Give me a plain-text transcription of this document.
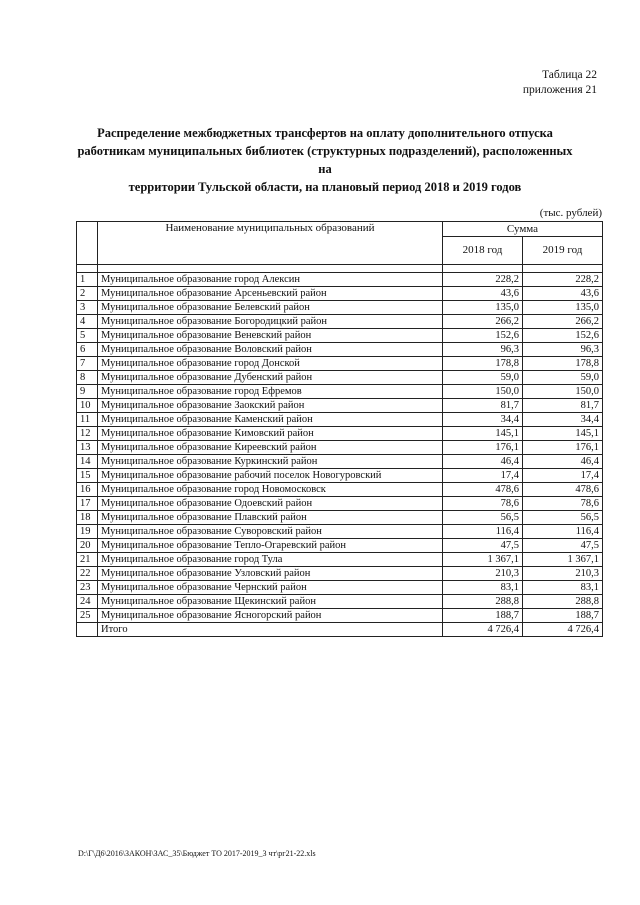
Таблица 22
приложения 21
Распределение межбюджетных трансфертов на оплату дополнительного отпуска
работникам муниципальных библиотек (структурных подразделений), расположенных на
территории Тульской области, на плановый период 2018 и 2019 годов
(тыс. рублей)
	Наименование муниципальных образований	Сумма	
		2018 год	2019 год

1	Муниципальное образование город Алексин	228,2	228,2
2	Муниципальное образование Арсеньевский район	43,6	43,6
3	Муниципальное образование Белевский район	135,0	135,0
4	Муниципальное образование Богородицкий район	266,2	266,2
5	Муниципальное образование Веневский район	152,6	152,6
6	Муниципальное образование Воловский район	96,3	96,3
7	Муниципальное образование город Донской	178,8	178,8
8	Муниципальное образование Дубенский район	59,0	59,0
9	Муниципальное образование город Ефремов	150,0	150,0
10	Муниципальное образование Заокский район	81,7	81,7
11	Муниципальное образование Каменский район	34,4	34,4
12	Муниципальное образование Кимовский район	145,1	145,1
13	Муниципальное образование Киреевский район	176,1	176,1
14	Муниципальное образование Куркинский район	46,4	46,4
15	Муниципальное образование рабочий поселок Новогуровский	17,4	17,4
16	Муниципальное образование город Новомосковск	478,6	478,6
17	Муниципальное образование Одоевский район	78,6	78,6
18	Муниципальное образование Плавский район	56,5	56,5
19	Муниципальное образование Суворовский район	116,4	116,4
20	Муниципальное образование Тепло-Огаревский район	47,5	47,5
21	Муниципальное образование город Тула	1 367,1	1 367,1
22	Муниципальное образование Узловский район	210,3	210,3
23	Муниципальное образование Чернский район	83,1	83,1
24	Муниципальное образование Щекинский район	288,8	288,8
25	Муниципальное образование Ясногорский район	188,7	188,7
	Итого	4 726,4	4 726,4
D:\Г\Д6\2016\ЗАКОН\ЗАС_35\Бюджет ТО 2017-2019_3 чт\рг21-22.xls
